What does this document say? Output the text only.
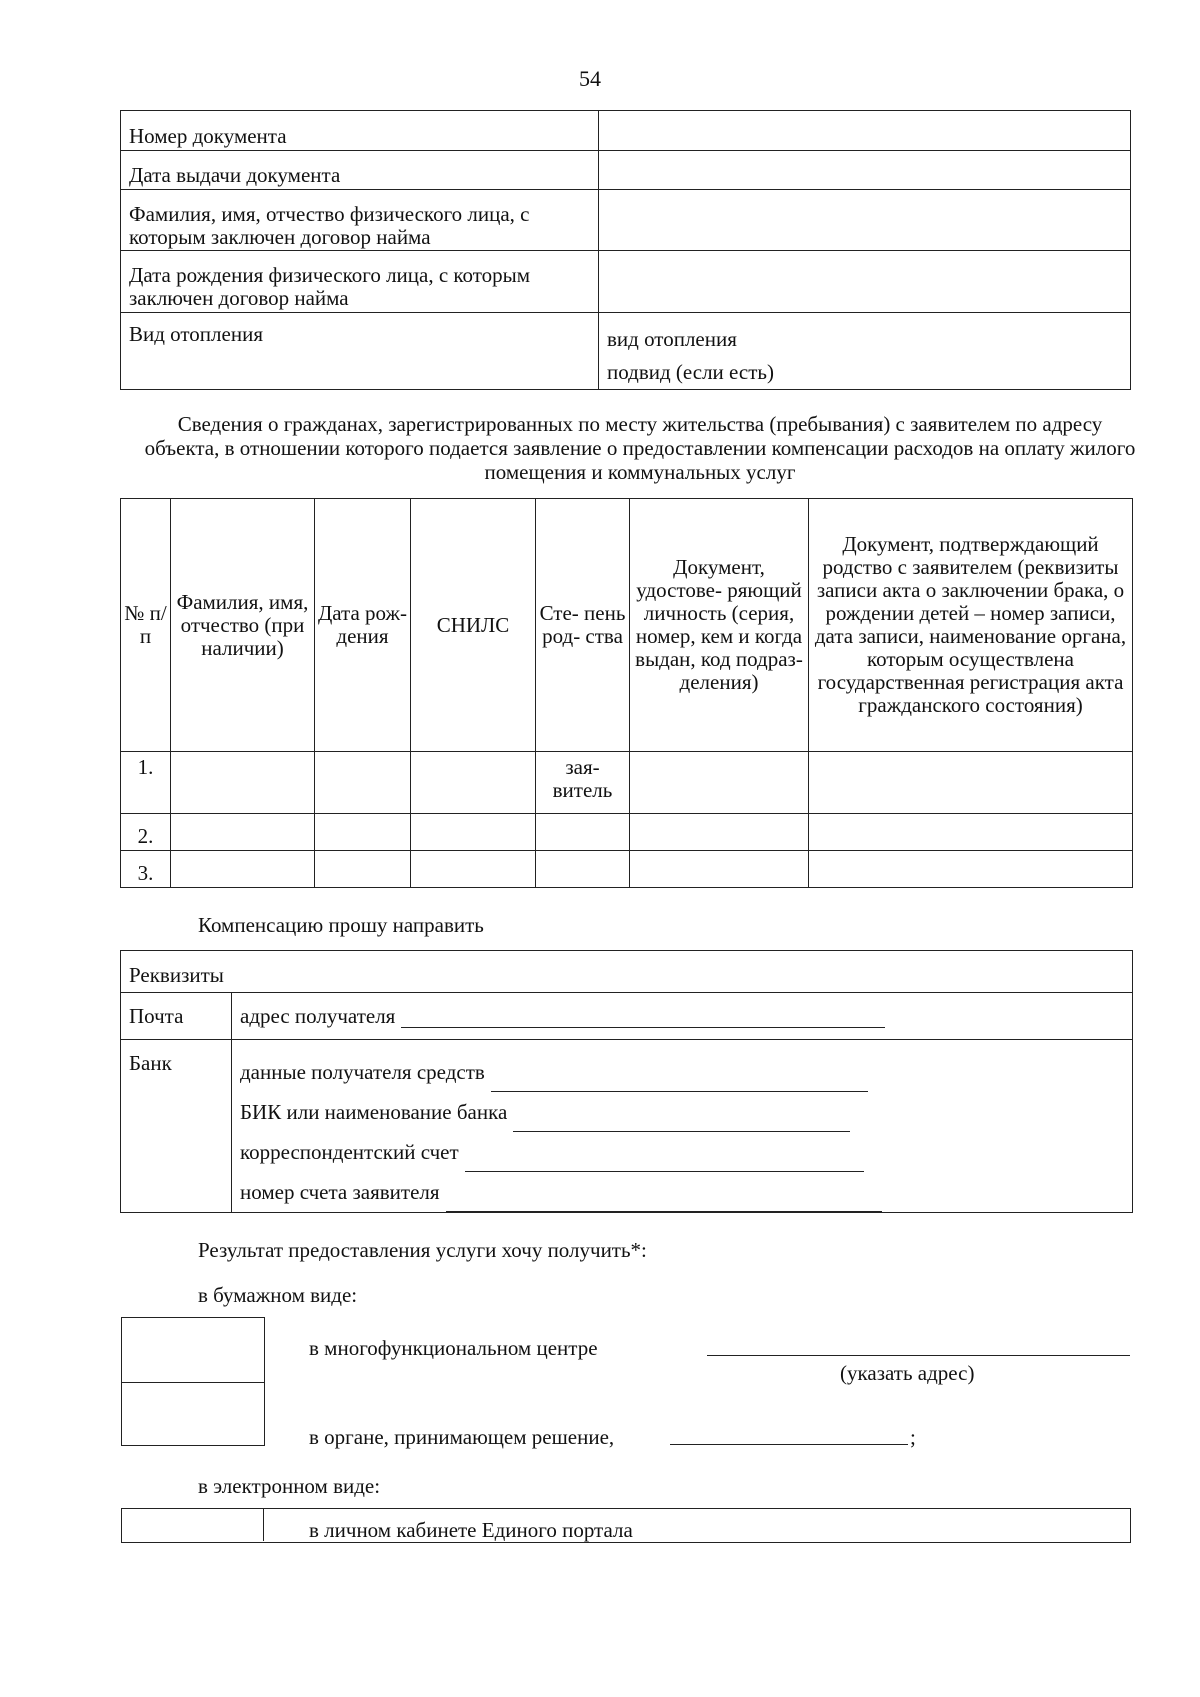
54
Номер документа	
Дата выдачи документа	
Фамилия, имя, отчество физического лица, с которым заключен договор найма	
Дата рождения физического лица, с которым заключен договор найма	
Вид отопления	вид отопления
подвид (если есть)
Сведения о гражданах, зарегистрированных по месту жительства (пребывания) с заявителем по адресу объекта, в отношении которого подается заявление о предоставлении компенсации расходов на оплату жилого помещения и коммунальных услуг
№ п/п	Фамилия, имя, отчество (при наличии)	Дата рож- дения	СНИЛС	Сте- пень род- ства	Документ, удостове- ряющий личность (серия, номер, кем и когда выдан, код подраз- деления)	Документ, подтверждающий родство с заявителем (реквизиты записи акта о заключении брака, о рождении детей – номер записи, дата записи, наименование органа, которым осуществлена государственная регистрация акта гражданского состояния)
1.				зая- витель		
2.						
3.						
Компенсацию прошу направить
Реквизиты	
Почта	адрес получателя

Банк	данные получателя средств
БИК или наименование банка
корреспондентский счет
номер счета заявителя
Результат предоставления услуги хочу получить*:
в бумажном виде:
в многофункциональном центре
(указать адрес)
в органе, принимающем решение,	;
в электронном виде:
в личном кабинете Единого портала
